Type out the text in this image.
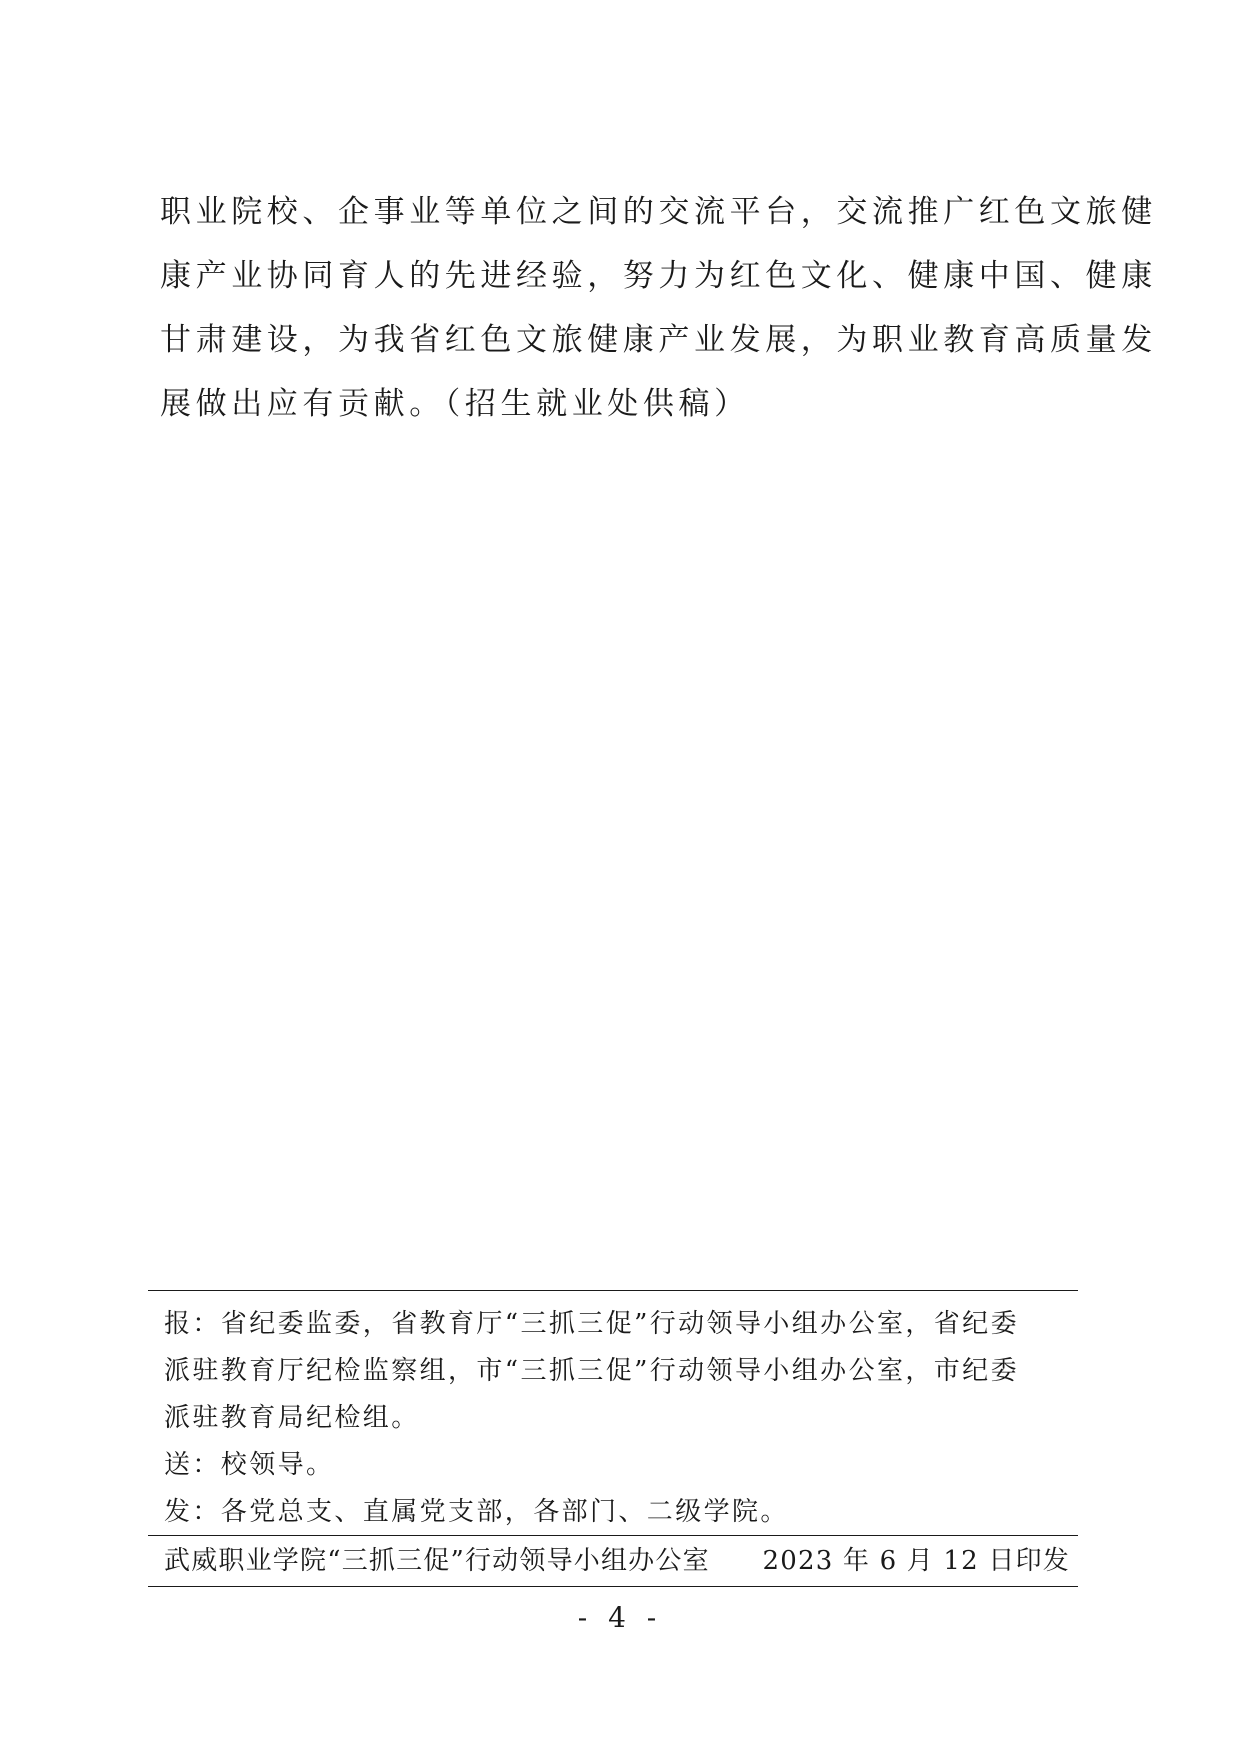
职业院校、企事业等单位之间的交流平台，交流推广红色文旅健
康产业协同育人的先进经验，努力为红色文化、健康中国、健康
甘肃建设，为我省红色文旅健康产业发展，为职业教育高质量发
展做出应有贡献。（招生就业处供稿）
报：省纪委监委，省教育厅“三抓三促”行动领导小组办公室，省纪委
派驻教育厅纪检监察组，市“三抓三促”行动领导小组办公室，市纪委
派驻教育局纪检组。
送：校领导。
发：各党总支、直属党支部，各部门、二级学院。
武威职业学院“三抓三促”行动领导小组办公室 2023 年 6 月 12 日印发
- 4 -
